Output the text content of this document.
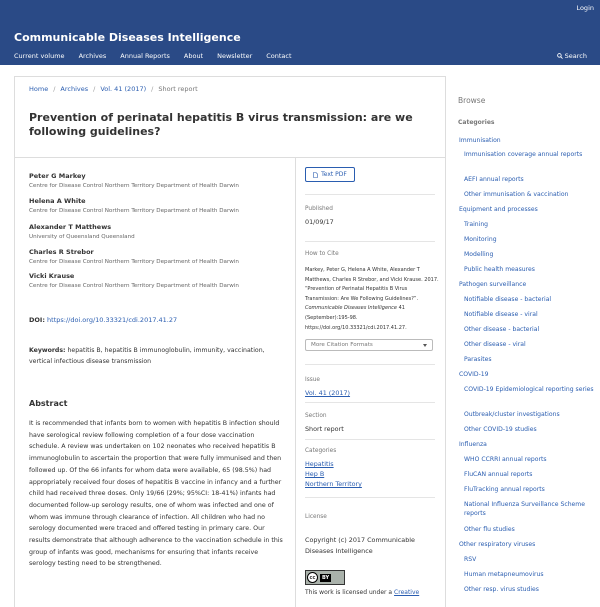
Login
Communicable Diseases Intelligence
Current volume Archives Annual Reports About Newsletter Contact	Search
Home / Archives / Vol. 41 (2017) / Short report
Prevention of perinatal hepatitis B virus transmission: are we following guidelines?
Peter G Markey
Centre for Disease Control Northern Territory Department of Health Darwin
Helena A White
Centre for Disease Control Northern Territory Department of Health Darwin
Alexander T Matthews
University of Queensland Queensland
Charles R Strebor
Centre for Disease Control Northern Territory Department of Health Darwin
Vicki Krause
Centre for Disease Control Northern Territory Department of Health Darwin
DOI: https://doi.org/10.33321/cdi.2017.41.27
Keywords: hepatitis B, hepatitis B immunoglobulin, immunity, vaccination, vertical infectious disease transmission
Abstract
It is recommended that infants born to women with hepatitis B infection should have serological review following completion of a four dose vaccination schedule. A review was undertaken on 102 neonates who received hepatitis B immunoglobulin to ascertain the proportion that were fully immunised and then followed up. Of the 66 infants for whom data were available, 65 (98.5%) had appropriately received four doses of hepatitis B vaccine in infancy and a further child had received three doses. Only 19/66 (29%; 95%CI: 18-41%) infants had documented follow-up serology results, one of whom was infected and one of whom was immune through clearance of infection. All children who had no serology documented were traced and offered testing in primary care. Our results demonstrate that although adherence to the vaccination schedule in this group of infants was good, mechanisms for ensuring that infants receive serology testing need to be strengthened.
Text PDF
Published
01/09/17
How to Cite
Markey, Peter G, Helena A White, Alexander T Matthews, Charles R Strebor, and Vicki Krause. 2017. “Prevention of Perinatal Hepatitis B Virus Transmission: Are We Following Guidelines?”. Communicable Diseases Intelligence 41 (September):195-98. https://doi.org/10.33321/cdi.2017.41.27.
More Citation Formats
Issue
Vol. 41 (2017)
Section
Short report
Categories
Hepatitis
Hep B
Northern Territory
License
Copyright (c) 2017 Communicable Diseases Intelligence
cc	BY
This work is licensed under a Creative
Browse
Categories
Immunisation
Immunisation coverage annual reports
AEFI annual reports
Other immunisation & vaccination
Equipment and processes
Training
Monitoring
Modelling
Public health measures
Pathogen surveillance
Notifiable disease - bacterial
Notifiable disease - viral
Other disease - bacterial
Other disease - viral
Parasites
COVID-19
COVID-19 Epidemiological reporting series
Outbreak/cluster investigations
Other COVID-19 studies
Influenza
WHO CCRRI annual reports
FluCAN annual reports
FluTracking annual reports
National Influenza Surveillance Scheme reports
Other flu studies
Other respiratory viruses
RSV
Human metapneumovirus
Other resp. virus studies
